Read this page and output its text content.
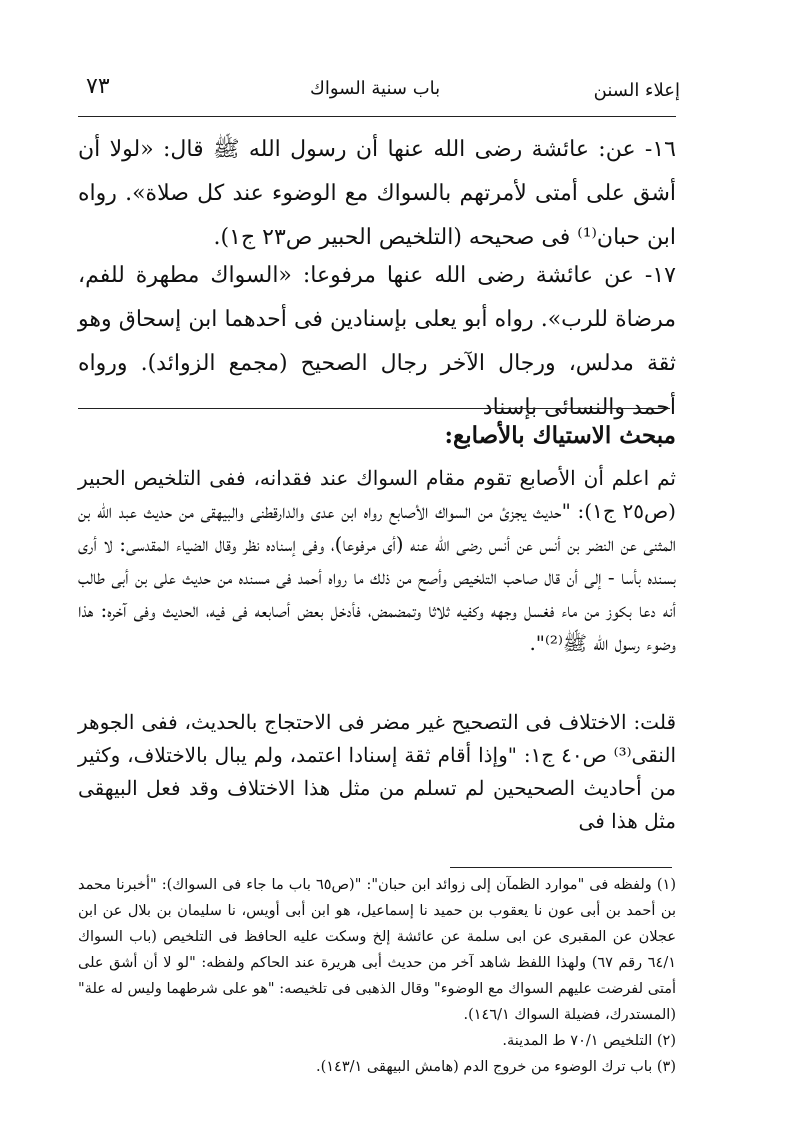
إعلاء السنن
باب سنية السواك
٧٣
١٦- عن: عائشة رضى الله عنها أن رسول الله ﷺ قال: «لولا أن أشق على أمتى لأمرتهم بالسواك مع الوضوء عند كل صلاة». رواه ابن حبان⁽¹⁾ فى صحيحه (التلخيص الحبير ص٢٣ ج١).
١٧- عن عائشة رضى الله عنها مرفوعا: «السواك مطهرة للفم، مرضاة للرب». رواه أبو يعلى بإسنادين فى أحدهما ابن إسحاق وهو ثقة مدلس، ورجال الآخر رجال الصحيح (مجمع الزوائد). ورواه أحمد والنسائى بإسناد
مبحث الاستياك بالأصابع:
ثم اعلم أن الأصابع تقوم مقام السواك عند فقدانه، ففى التلخيص الحبير (ص٢٥ ج١): "حديث يجزئ من السواك الأصابع رواه ابن عدى والدارقطنى والبيهقى من حديث عبد الله بن المثنى عن النضر بن أنس عن أنس رضى الله عنه (أى مرفوعا)، وفى إسناده نظر وقال الضياء المقدسى: لا أرى بسنده بأسا - إلى أن قال صاحب التلخيص وأصح من ذلك ما رواه أحمد فى مسنده من حديث على بن أبى طالب أنه دعا بكوز من ماء فغسل وجهه وكفيه ثلاثا وتمضمض، فأدخل بعض أصابعه فى فيه، الحديث وفى آخره: هذا وضوء رسول الله ﷺ⁽²⁾".
قلت: الاختلاف فى التصحيح غير مضر فى الاحتجاج بالحديث، ففى الجوهر النقى⁽³⁾ ص٤٠ ج١: "وإذا أقام ثقة إسنادا اعتمد، ولم يبال بالاختلاف، وكثير من أحاديث الصحيحين لم تسلم من مثل هذا الاختلاف وقد فعل البيهقى مثل هذا فى
(١) ولفظه فى "موارد الظمآن إلى زوائد ابن حبان": "(ص٦٥ باب ما جاء فى السواك): "أخبرنا محمد بن أحمد بن أبى عون نا يعقوب بن حميد نا إسماعيل، هو ابن أبى أويس، نا سليمان بن بلال عن ابن عجلان عن المقبرى عن ابى سلمة عن عائشة إلخ وسكت عليه الحافظ فى التلخيص (باب السواك ٦٤/١ رقم ٦٧) ولهذا اللفظ شاهد آخر من حديث أبى هريرة عند الحاكم ولفظه: "لو لا أن أشق على أمتى لفرضت عليهم السواك مع الوضوء" وقال الذهبى فى تلخيصه: "هو على شرطهما وليس له علة" (المستدرك، فضيلة السواك ١٤٦/١).
(٢) التلخيص ٧٠/١ ط المدينة.
(٣) باب ترك الوضوء من خروج الدم (هامش البيهقى ١٤٣/١).
